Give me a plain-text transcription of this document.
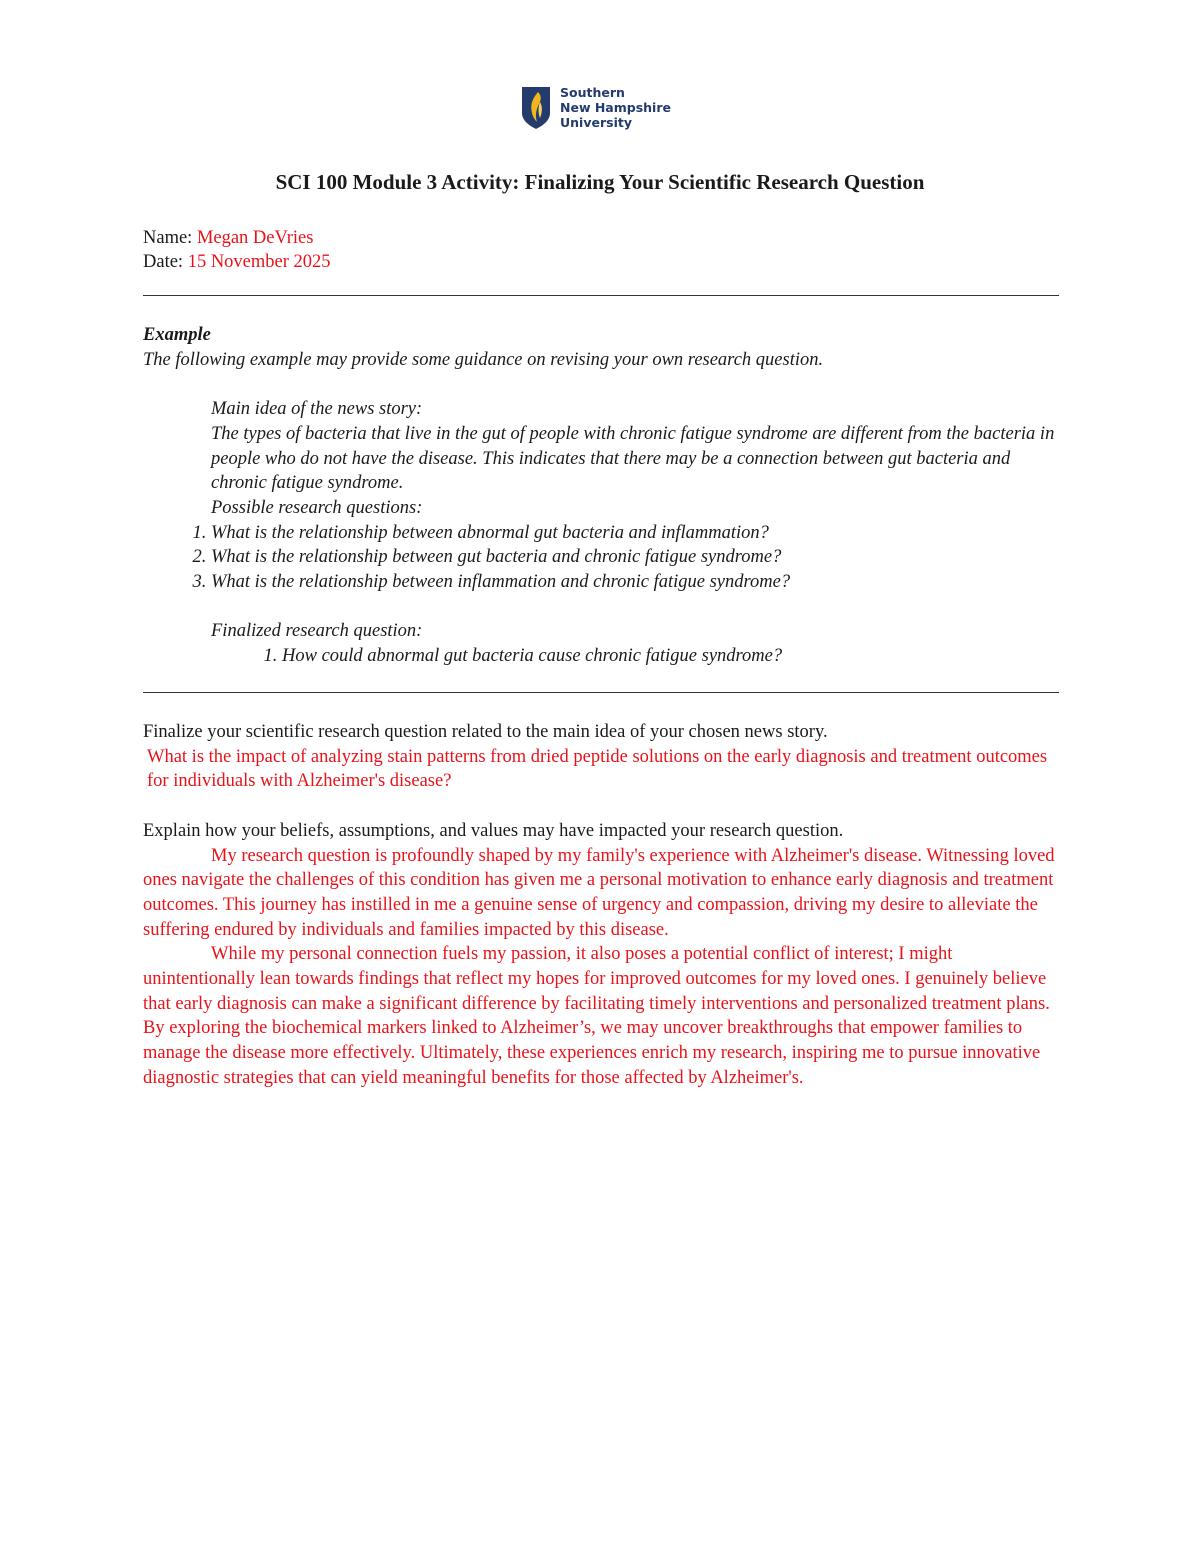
Southern
New Hampshire
University
SCI 100 Module 3 Activity: Finalizing Your Scientific Research Question
Name: Megan DeVries
Date: 15 November 2025
Example
The following example may provide some guidance on revising your own research question.
Main idea of the news story:
The types of bacteria that live in the gut of people with chronic fatigue syndrome are different from the bacteria in people who do not have the disease. This indicates that there may be a connection between gut bacteria and chronic fatigue syndrome.
Possible research questions:
1. What is the relationship between abnormal gut bacteria and inflammation?
2. What is the relationship between gut bacteria and chronic fatigue syndrome?
3. What is the relationship between inflammation and chronic fatigue syndrome?
Finalized research question:
1. How could abnormal gut bacteria cause chronic fatigue syndrome?

Finalize your scientific research question related to the main idea of your chosen news story.

What is the impact of analyzing stain patterns from dried peptide solutions on the early diagnosis and treatment outcomes for individuals with Alzheimer's disease?

Explain how your beliefs, assumptions, and values may have impacted your research question.

My research question is profoundly shaped by my family's experience with Alzheimer's disease. Witnessing loved ones navigate the challenges of this condition has given me a personal motivation to enhance early diagnosis and treatment outcomes. This journey has instilled in me a genuine sense of urgency and compassion, driving my desire to alleviate the suffering endured by individuals and families impacted by this disease.

While my personal connection fuels my passion, it also poses a potential conflict of interest; I might unintentionally lean towards findings that reflect my hopes for improved outcomes for my loved ones. I genuinely believe that early diagnosis can make a significant difference by facilitating timely interventions and personalized treatment plans. By exploring the biochemical markers linked to Alzheimer’s, we may uncover breakthroughs that empower families to manage the disease more effectively. Ultimately, these experiences enrich my research, inspiring me to pursue innovative diagnostic strategies that can yield meaningful benefits for those affected by Alzheimer's.
